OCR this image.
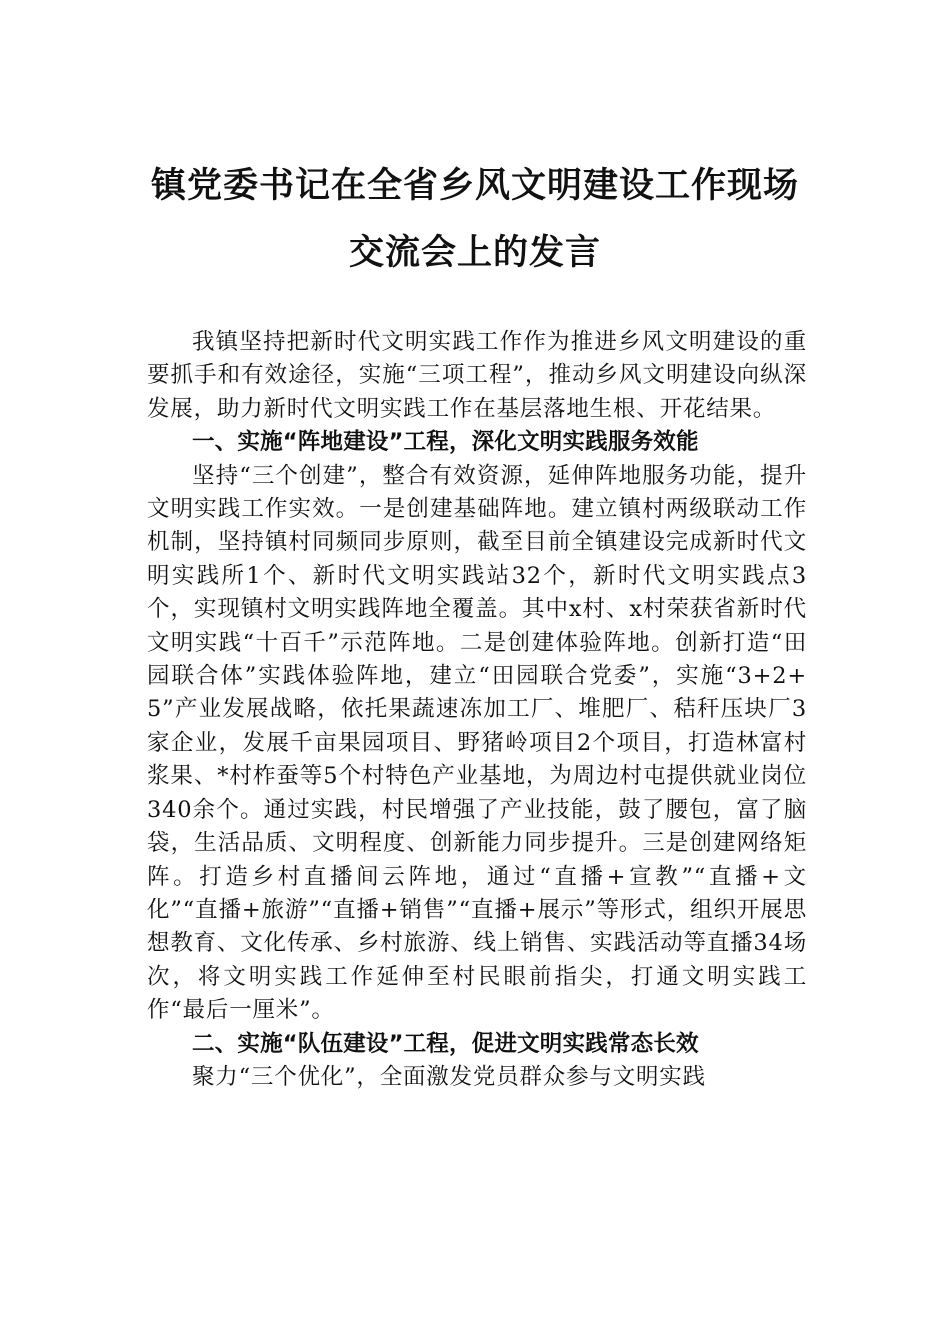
镇党委书记在全省乡风文明建设工作现场
交流会上的发言

我镇坚持把新时代文明实践工作作为推进乡风文明建设的重要抓手和有效途径，实施“三项工程”，推动乡风文明建设向纵深发展，助力新时代文明实践工作在基层落地生根、开花结果。

一、实施“阵地建设”工程，深化文明实践服务效能

坚持“三个创建”，整合有效资源，延伸阵地服务功能，提升文明实践工作实效。一是创建基础阵地。建立镇村两级联动工作机制，坚持镇村同频同步原则，截至目前全镇建设完成新时代文明实践所1个、新时代文明实践站32个，新时代文明实践点3个，实现镇村文明实践阵地全覆盖。其中x村、x村荣获省新时代文明实践“十百千”示范阵地。二是创建体验阵地。创新打造“田园联合体”实践体验阵地，建立“田园联合党委”，实施“3+2+5”产业发展战略，依托果蔬速冻加工厂、堆肥厂、秸秆压块厂3家企业，发展千亩果园项目、野猪岭项目2个项目，打造林富村浆果、*村柞蚕等5个村特色产业基地，为周边村屯提供就业岗位340余个。通过实践，村民增强了产业技能，鼓了腰包，富了脑袋，生活品质、文明程度、创新能力同步提升。三是创建网络矩阵。打造乡村直播间云阵地，通过“直播+宣教”“直播+文化”“直播+旅游”“直播+销售”“直播+展示”等形式，组织开展思想教育、文化传承、乡村旅游、线上销售、实践活动等直播34场次，将文明实践工作延伸至村民眼前指尖，打通文明实践工作“最后一厘米”。

二、实施“队伍建设”工程，促进文明实践常态长效

聚力“三个优化”，全面激发党员群众参与文明实践
